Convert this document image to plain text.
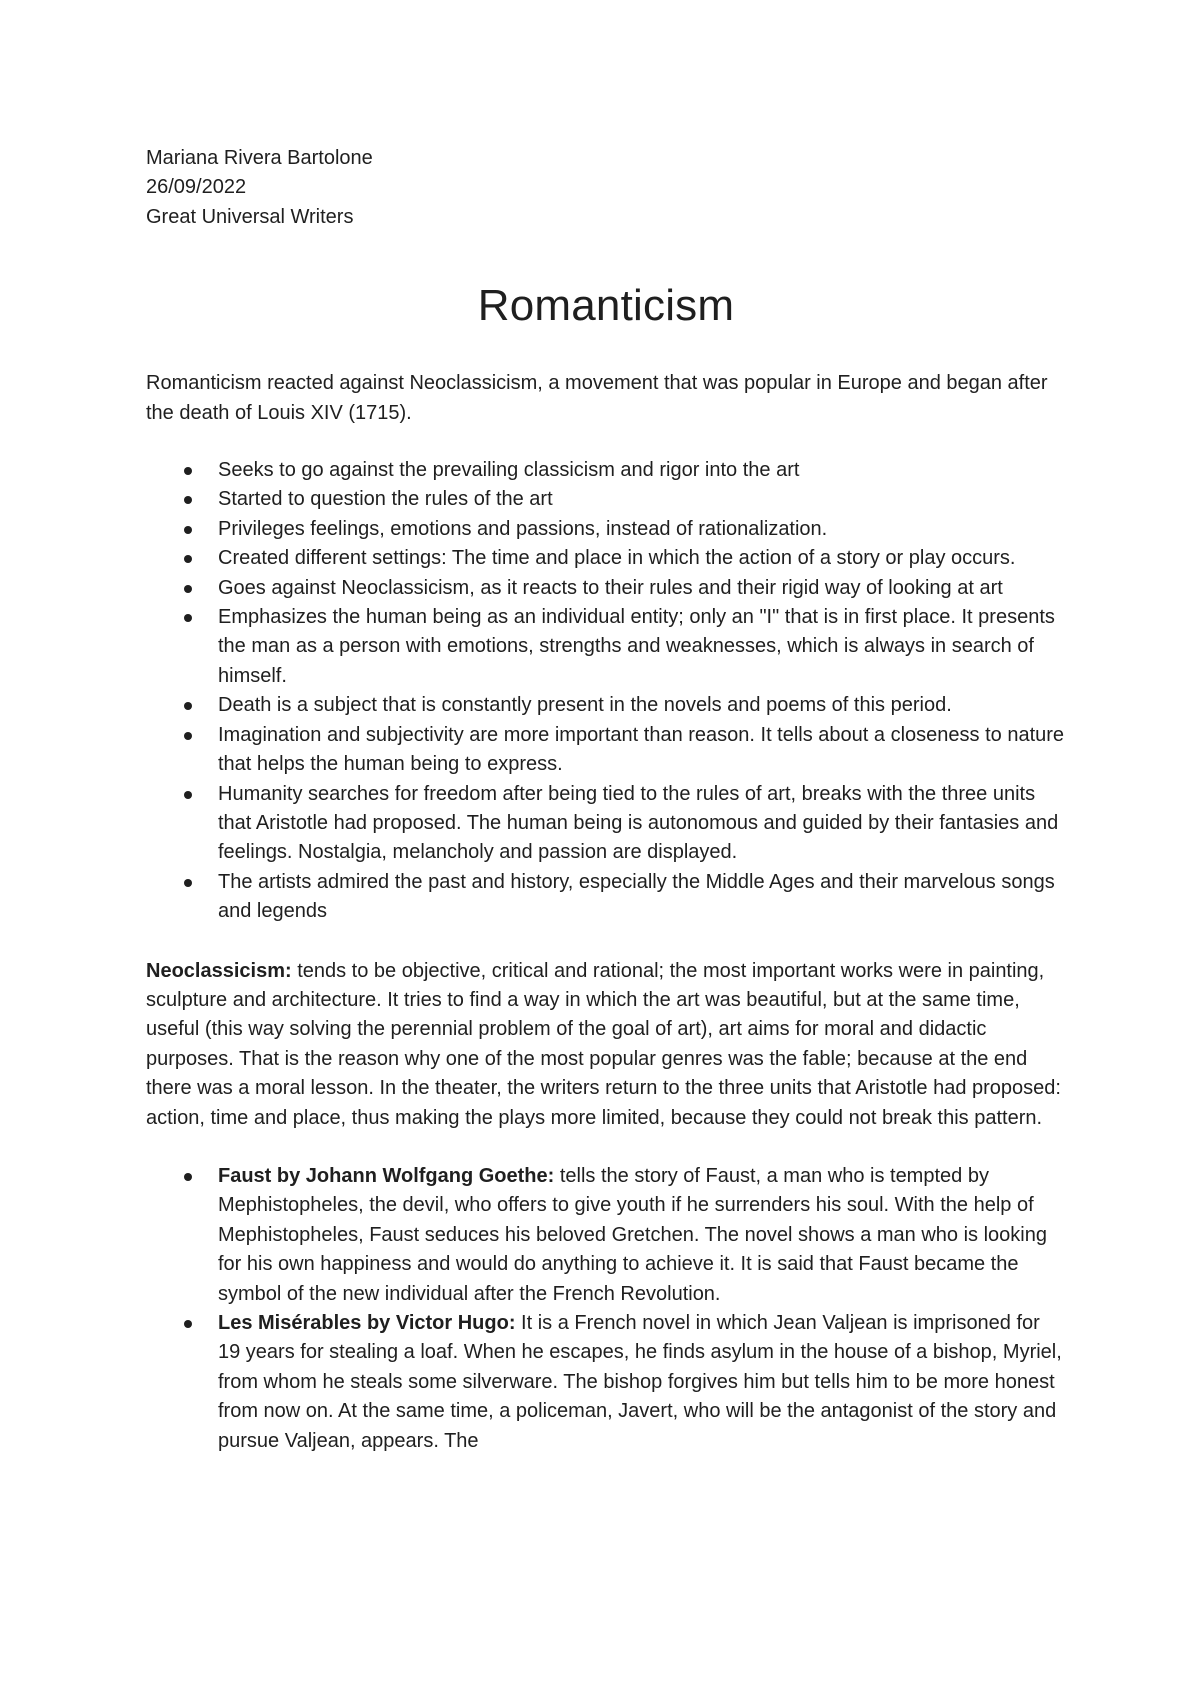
Mariana Rivera Bartolone
26/09/2022
Great Universal Writers
Romanticism

Romanticism reacted against Neoclassicism, a movement that was popular in Europe and began after the death of Louis XIV (1715).

Seeks to go against the prevailing classicism and rigor into the art
Started to question the rules of the art
Privileges feelings, emotions and passions, instead of rationalization.
Created different settings: The time and place in which the action of a story or play occurs.
Goes against Neoclassicism, as it reacts to their rules and their rigid way of looking at art
Emphasizes the human being as an individual entity; only an "I" that is in first place. It presents the man as a person with emotions, strengths and weaknesses, which is always in search of himself.
Death is a subject that is constantly present in the novels and poems of this period.
Imagination and subjectivity are more important than reason. It tells about a closeness to nature that helps the human being to express.
Humanity searches for freedom after being tied to the rules of art, breaks with the three units that Aristotle had proposed. The human being is autonomous and guided by their fantasies and feelings. Nostalgia, melancholy and passion are displayed.
The artists admired the past and history, especially the Middle Ages and their marvelous songs and legends

Neoclassicism: tends to be objective, critical and rational; the most important works were in painting, sculpture and architecture. It tries to find a way in which the art was beautiful, but at the same time, useful (this way solving the perennial problem of the goal of art), art aims for moral and didactic purposes. That is the reason why one of the most popular genres was the fable; because at the end there was a moral lesson. In the theater, the writers return to the three units that Aristotle had proposed: action, time and place, thus making the plays more limited, because they could not break this pattern.

Faust by Johann Wolfgang Goethe: tells the story of Faust, a man who is tempted by Mephistopheles, the devil, who offers to give youth if he surrenders his soul. With the help of Mephistopheles, Faust seduces his beloved Gretchen. The novel shows a man who is looking for his own happiness and would do anything to achieve it. It is said that Faust became the symbol of the new individual after the French Revolution.
Les Misérables by Victor Hugo: It is a French novel in which Jean Valjean is imprisoned for 19 years for stealing a loaf. When he escapes, he finds asylum in the house of a bishop, Myriel, from whom he steals some silverware. The bishop forgives him but tells him to be more honest from now on. At the same time, a policeman, Javert, who will be the antagonist of the story and pursue Valjean, appears. The
